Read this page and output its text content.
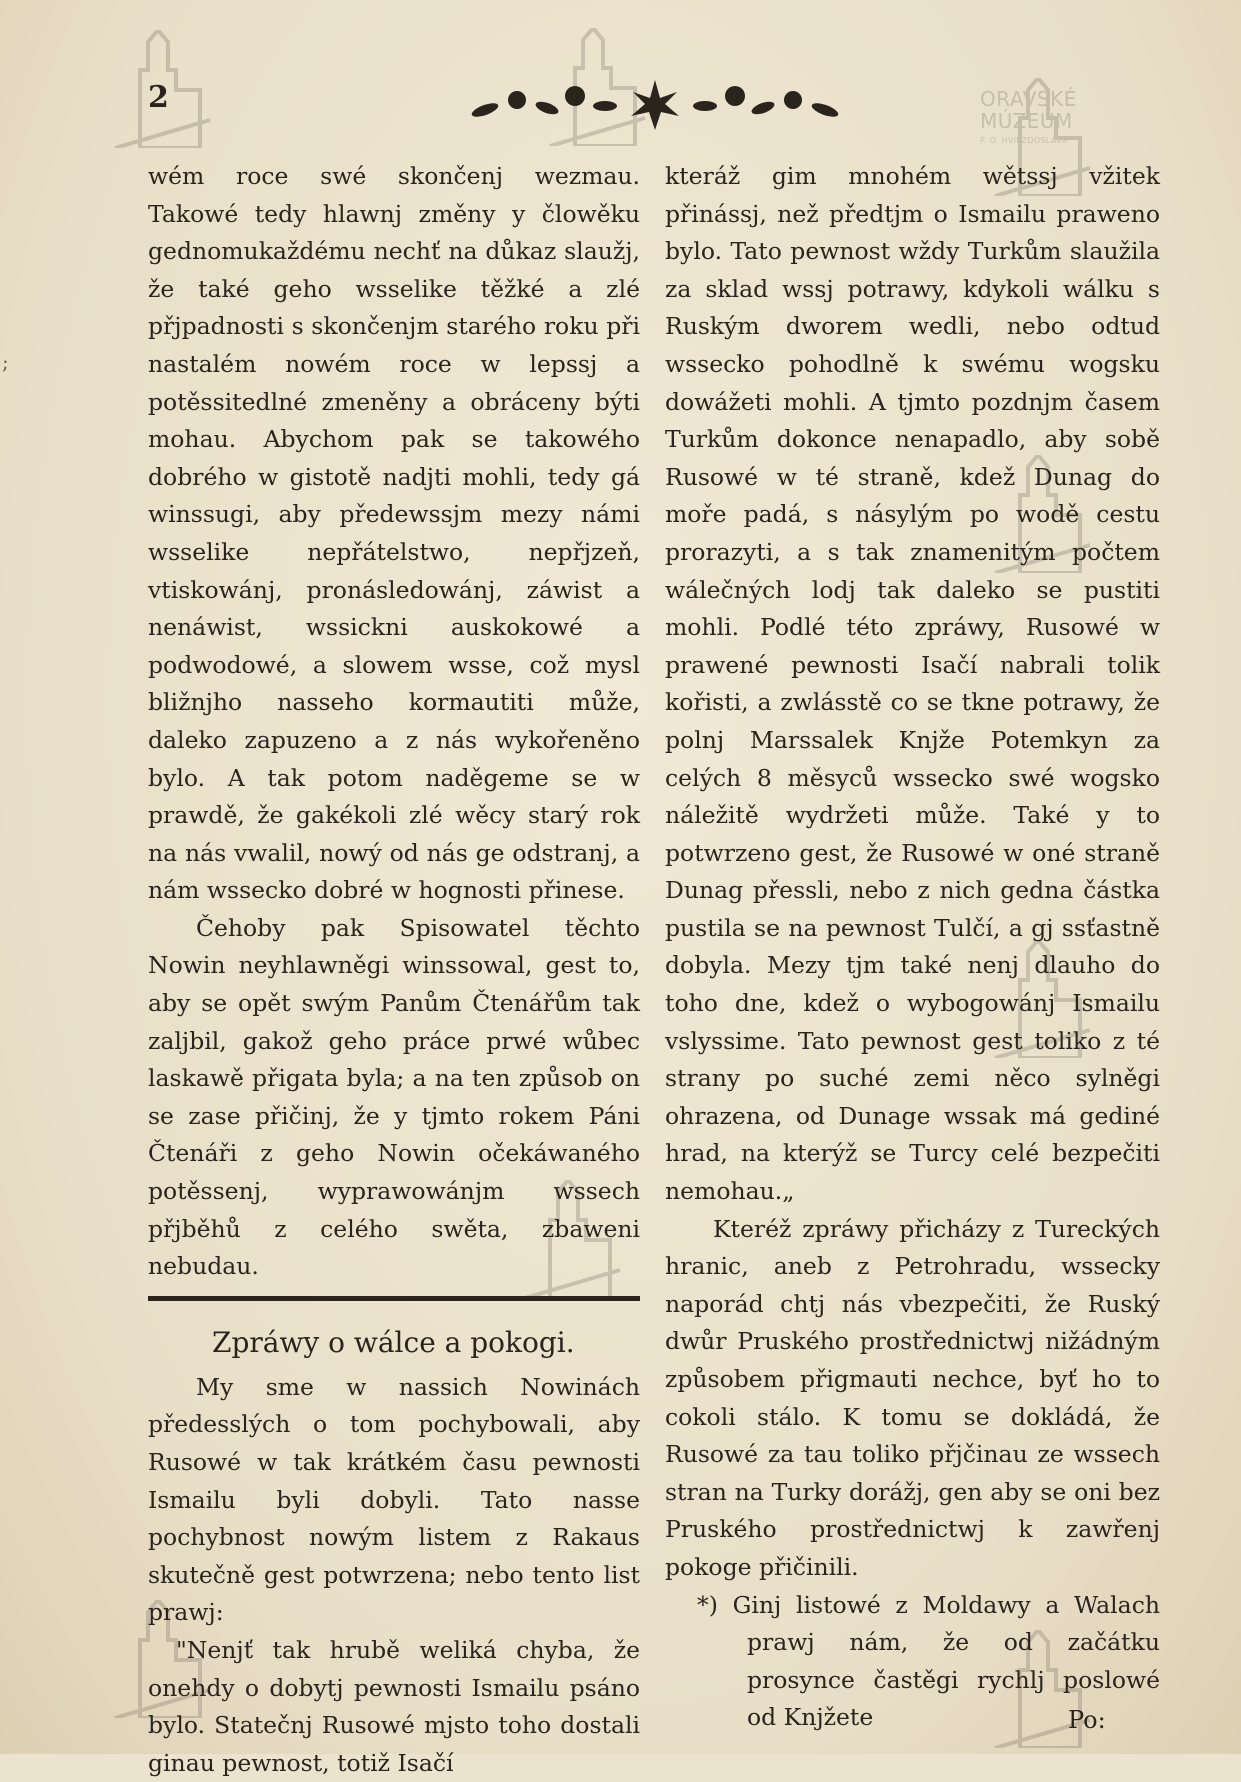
ORAVSKÉ
MÚZEUM
P. O. HVIEZDOSLAVA
;
2

wém roce swé skončenj wezmau. Takowé tedy hlawnj změny y člowěku gednomukaždému nechť na důkaz slaužj, že také geho wsselike těžké a zlé přjpadnosti s skončenjm starého roku při nastalém nowém roce w lepssj a potěssitedlné zmeněny a obráceny býti mohau. Abychom pak se takowého dobrého w gistotě nadjti mohli, tedy gá winssugi, aby předewssjm mezy námi wsselike nepřátelstwo, nepřjzeň, vtiskowánj, pronásledowánj, záwist a nenáwist, wssickni auskokowé a podwodowé, a slowem wsse, což mysl bližnjho nasseho kormautiti může, daleko zapuzeno a z nás wykořeněno bylo. A tak potom naděgeme se w prawdě, že gakékoli zlé wěcy starý rok na nás vwalil, nowý od nás ge odstranj, a nám wssecko dobré w hognosti přinese.

Čehoby pak Spisowatel těchto Nowin neyhlawněgi winssowal, gest to, aby se opět swým Panům Čtenářům tak zaljbil, gakož geho práce prwé wůbec laskawě přigata byla; a na ten způsob on se zase přičinj, že y tjmto rokem Páni Čtenáři z geho Nowin očekáwaného potěssenj, wyprawowánjm wssech přjběhů z celého swěta, zbaweni nebudau.

Zpráwy o wálce a pokogi.

My sme w nassich Nowinách předesslých o tom pochybowali, aby Rusowé w tak krátkém času pewnosti Ismailu byli dobyli. Tato nasse pochybnost nowým listem z Rakaus skutečně gest potwrzena; nebo tento list prawj:

"Nenjť tak hrubě weliká chyba, že onehdy o dobytj pewnosti Ismailu psáno bylo. Statečnj Rusowé mjsto toho dostali ginau pewnost, totiž Isačí

kteráž gim mnohém wětssj vžitek přinássj, než předtjm o Ismailu praweno bylo. Tato pewnost wždy Turkům slaužila za sklad wssj potrawy, kdykoli wálku s Ruským dworem wedli, nebo odtud wssecko pohodlně k swému wogsku dowážeti mohli. A tjmto pozdnjm časem Turkům dokonce nenapadlo, aby sobě Rusowé w té straně, kdež Dunag do moře padá, s násylým po wodě cestu prorazyti, a s tak znamenitým počtem wálečných lodj tak daleko se pustiti mohli. Podlé této zpráwy, Rusowé w prawené pewnosti Isačí nabrali tolik kořisti, a zwlásstě co se tkne potrawy, že polnj Marssalek Knjže Potemkyn za celých 8 měsyců wssecko swé wogsko náležitě wydržeti může. Také y to potwrzeno gest, že Rusowé w oné straně Dunag přessli, nebo z nich gedna částka pustila se na pewnost Tulčí, a gj ssťastně dobyla. Mezy tjm také nenj dlauho do toho dne, kdež o wybogowánj Ismailu vslyssime. Tato pewnost gest toliko z té strany po suché zemi něco sylněgi ohrazena, od Dunage wssak má gediné hrad, na kterýž se Turcy celé bezpečiti nemohau.„

Kteréž zpráwy přicházy z Tureckých hranic, aneb z Petrohradu, wssecky naporád chtj nás vbezpečiti, že Ruský dwůr Pruského prostřednictwj nižádným způsobem přigmauti nechce, byť ho to cokoli stálo. K tomu se dokládá, že Rusowé za tau toliko přjčinau ze wssech stran na Turky dorážj, gen aby se oni bez Pruského prostřednictwj k zawřenj pokoge přičinili.

*) Ginj listowé z Moldawy a Walach prawj nám, že od začátku prosynce častěgi rychlj poslowé od Knjžete	Po:
